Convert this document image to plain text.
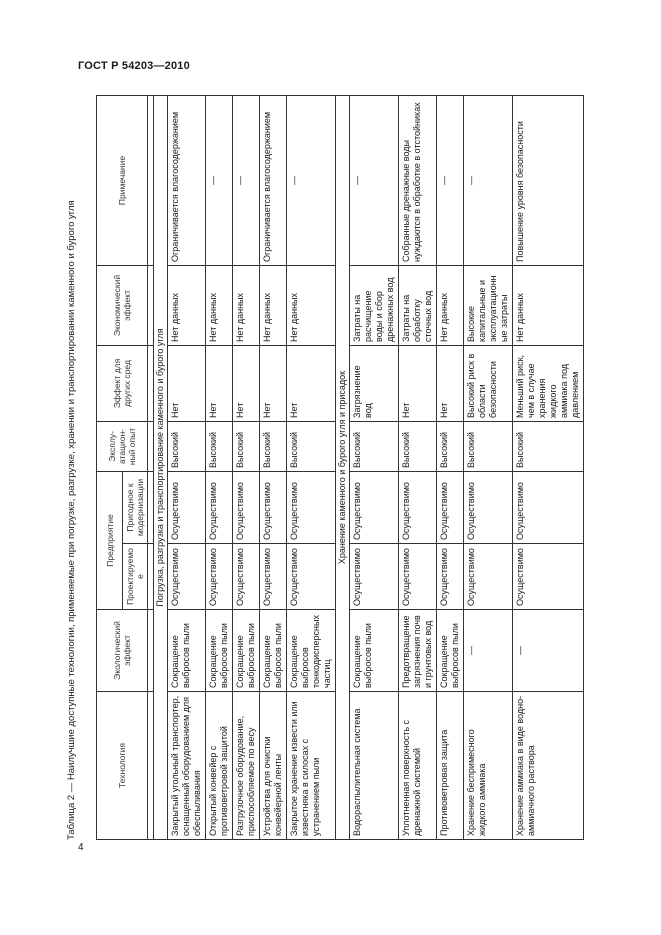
ГОСТ Р 54203—2010
4
Таблица 2 — Наилучшие доступные технологии, применяемые при погрузке, разгрузке, хранении и транспортировании каменного и бурого угля	Технология	Экологический эффект	Предприятие		Эксплу-атацион-ный опыт	Эффект для других сред	Экономический эффект	Примечание
		Проектируемое	Пригодное к модернизации				

Погрузка, разгрузка и транспортирование каменного и бурого угля							
Закрытый угольный транспортер, оснащенный оборудованием для обеспыливания	Сокращение выбросов пыли	Осуществимо	Осуществимо	Высокий	Нет	Нет данных	Ограничивается влагосодержанием
Открытый конвейер с противоветровой защитой	Сокращение выбросов пыли	Осуществимо	Осуществимо	Высокий	Нет	Нет данных	—
Разгрузочное оборудование, приспособляемое по весу	Сокращение выбросов пыли	Осуществимо	Осуществимо	Высокий	Нет	Нет данных	—
Устройства для очистки конвейерной ленты	Сокращение выбросов пыли	Осуществимо	Осуществимо	Высокий	Нет	Нет данных	Ограничивается влагосодержанием
Закрытое хранение извести или известняка в силосах с устранением пыли	Сокращение выбросов тонкодисперсных частиц	Осуществимо	Осуществимо	Высокий	Нет	Нет данных	—
Хранение каменного и бурого угля и присадок							
Водораспылительная система	Сокращение выбросов пыли	Осуществимо	Осуществимо	Высокий	Загрязнение вод	Затраты на расчищение воды и сбор дренажных вод	—
Уплотненная поверхность с дренажной системой	Предотвращение загрязнения почв и грунтовых вод	Осуществимо	Осуществимо	Высокий	Нет	Затраты на обработку сточных вод	Собранные дренажные воды нуждаются в обработке в отстойниках
Противоветровая защита	Сокращение выбросов пыли	Осуществимо	Осуществимо	Высокий	Нет	Нет данных	—
Хранение беспримесного жидкого аммиака	—	Осуществимо	Осуществимо	Высокий	Высокий риск в области безопасности	Высокие капитальные и эксплуатационные затраты	—
Хранение аммиака в виде водно-аммиачного раствора	—	Осуществимо	Осуществимо	Высокий	Меньший риск, чем в случае хранения жидкого аммиака под давлением	Нет данных	Повышение уровня безопасности
